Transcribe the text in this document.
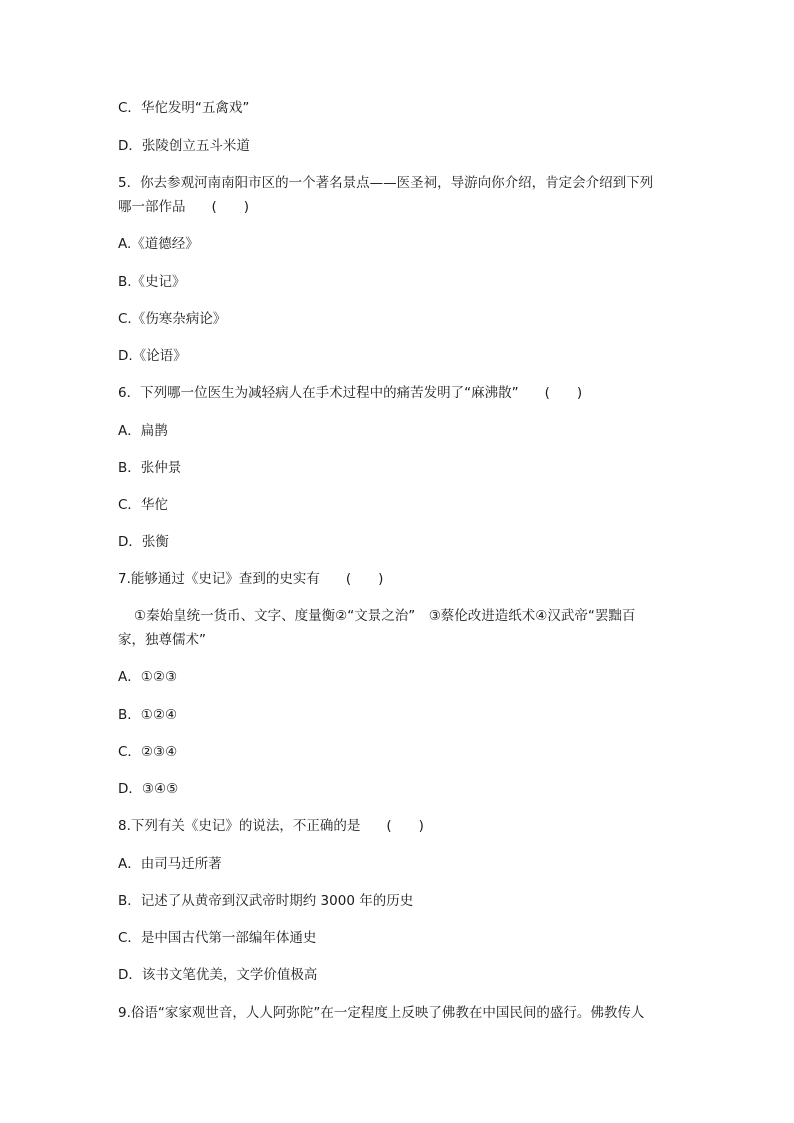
C．华佗发明“五禽戏”
D．张陵创立五斗米道
5．你去参观河南南阳市区的一个著名景点——医圣祠，导游向你介绍，肯定会介绍到下列
哪一部作品 (　　)
A.《道德经》
B.《史记》
C.《伤寒杂病论》
D.《论语》
6．下列哪一位医生为减轻病人在手术过程中的痛苦发明了“麻沸散” (　　)
A．扁鹊
B．张仲景
C．华佗
D．张衡
7.能够通过《史记》查到的史实有 (　　)
①秦始皇统一货币、文字、度量衡②“文景之治”　③蔡伦改进造纸术④汉武帝“罢黜百
家，独尊儒术”
A．①②③
B．①②④
C．②③④
D．③④⑤
8.下列有关《史记》的说法，不正确的是 (　　)
A．由司马迁所著
B．记述了从黄帝到汉武帝时期约 3000 年的历史
C．是中国古代第一部编年体通史
D．该书文笔优美，文学价值极高
9.俗语“家家观世音，人人阿弥陀”在一定程度上反映了佛教在中国民间的盛行。佛教传人
